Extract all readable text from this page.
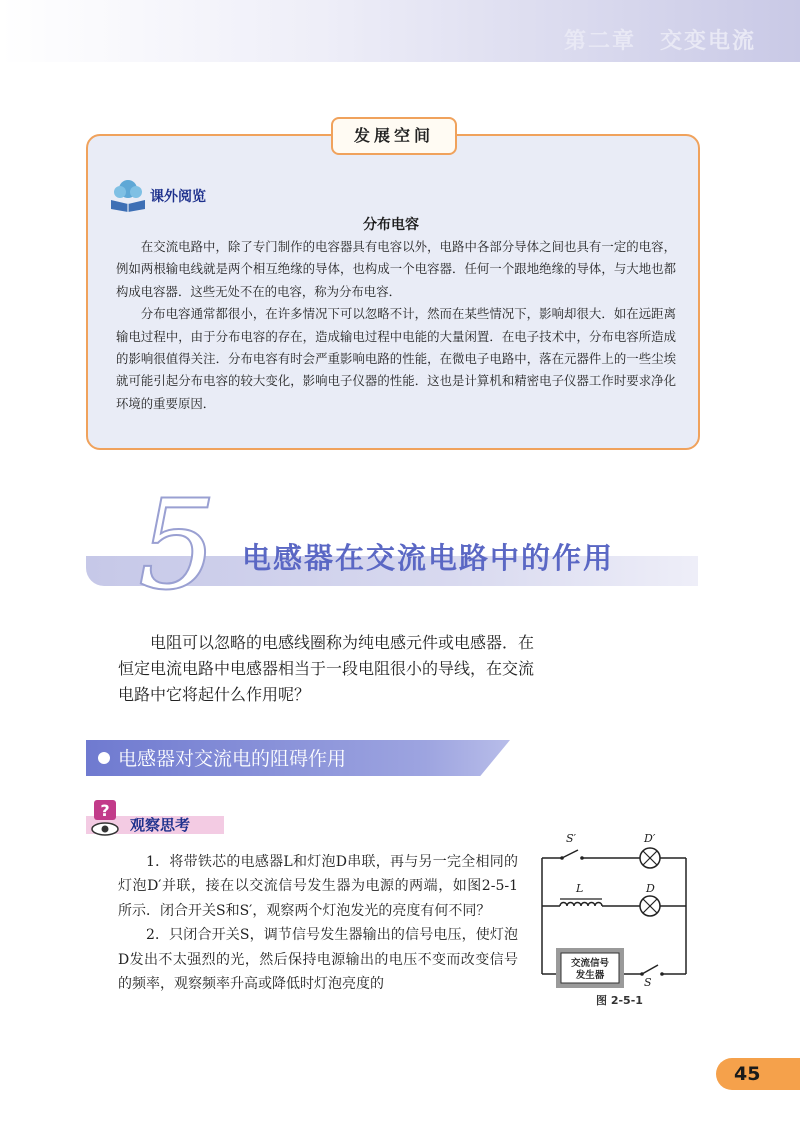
第二章　交变电流
发展空间
课外阅览
分布电容

在交流电路中，除了专门制作的电容器具有电容以外，电路中各部分导体之间也具有一定的电容，例如两根输电线就是两个相互绝缘的导体，也构成一个电容器．任何一个跟地绝缘的导体，与大地也都构成电容器．这些无处不在的电容，称为分布电容．

分布电容通常都很小，在许多情况下可以忽略不计，然而在某些情况下，影响却很大．如在远距离输电过程中，由于分布电容的存在，造成输电过程中电能的大量闲置．在电子技术中，分布电容所造成的影响很值得关注．分布电容有时会严重影响电路的性能，在微电子电路中，落在元器件上的一些尘埃就可能引起分布电容的较大变化，影响电子仪器的性能．这也是计算机和精密电子仪器工作时要求净化环境的重要原因．

5 电感器在交流电路中的作用

电阻可以忽略的电感线圈称为纯电感元件或电感器．在恒定电流电路中电感器相当于一段电阻很小的导线，在交流电路中它将起什么作用呢？

电感器对交流电的阻碍作用
?
观察思考

1．将带铁芯的电感器L和灯泡D串联，再与另一完全相同的灯泡D′并联，接在以交流信号发生器为电源的两端，如图2-5-1所示．闭合开关S和S′，观察两个灯泡发光的亮度有何不同？

2．只闭合开关S，调节信号发生器输出的信号电压，使灯泡D发出不太强烈的光，然后保持电源输出的电压不变而改变信号的频率，观察频率升高或降低时灯泡亮度的

交流信号
发生器
S′	D′
L	D
S
图 2-5-1
45
